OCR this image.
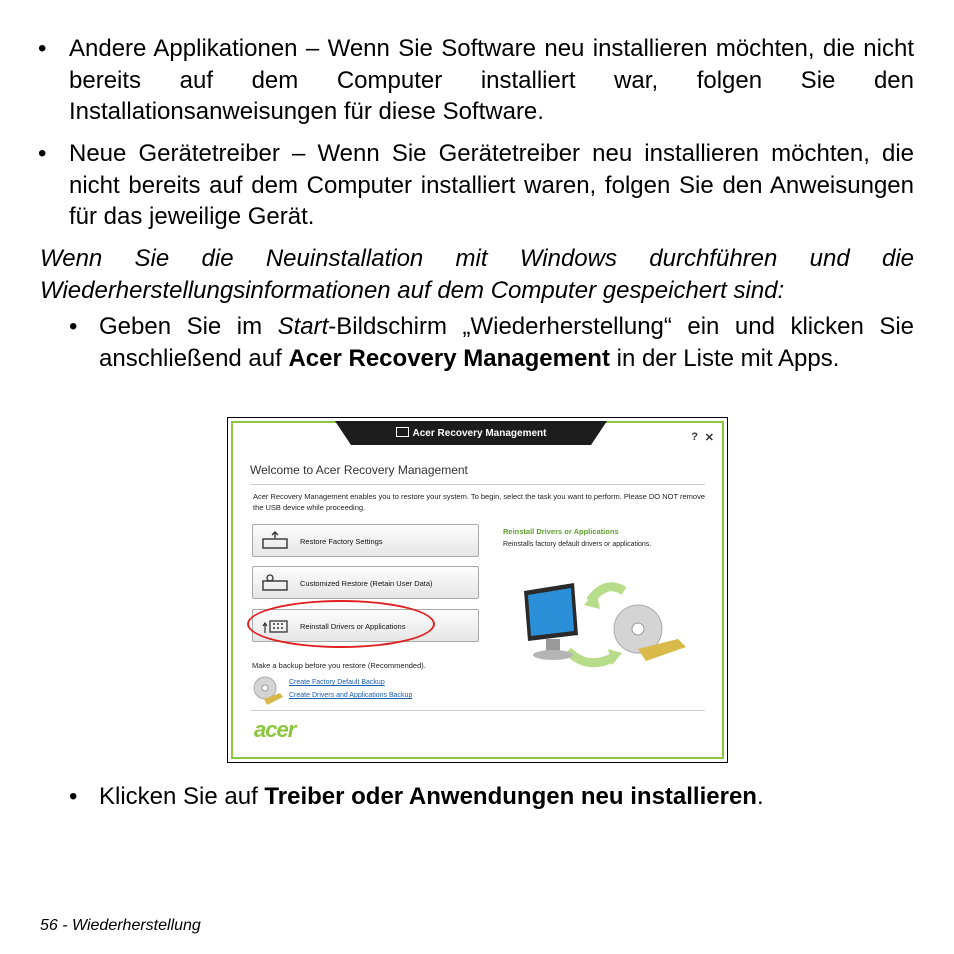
• Andere Applikationen – Wenn Sie Software neu installieren möchten, die nicht bereits auf dem Computer installiert war, folgen Sie den Installationsanweisungen für diese Software.
• Neue Gerätetreiber – Wenn Sie Gerätetreiber neu installieren möchten, die nicht bereits auf dem Computer installiert waren, folgen Sie den Anweisungen für das jeweilige Gerät.
Wenn Sie die Neuinstallation mit Windows durchführen und die Wiederherstellungsinformationen auf dem Computer gespeichert sind:
• Geben Sie im Start-Bildschirm „Wiederherstellung“ ein und klicken Sie anschließend auf Acer Recovery Management in der Liste mit Apps.
Acer Recovery Management	? ✕
Welcome to Acer Recovery Management
Acer Recovery Management enables you to restore your system. To begin, select the task you want to perform. Please DO NOT remove the USB device while proceeding.
Restore Factory Settings
Customized Restore (Retain User Data)
Reinstall Drivers or Applications
Reinstall Drivers or Applications
Reinstalls factory default drivers or applications.
Make a backup before you restore (Recommended).
Create Factory Default Backup
Create Drivers and Applications Backup
acer
• Klicken Sie auf Treiber oder Anwendungen neu installieren.
56 - Wiederherstellung
